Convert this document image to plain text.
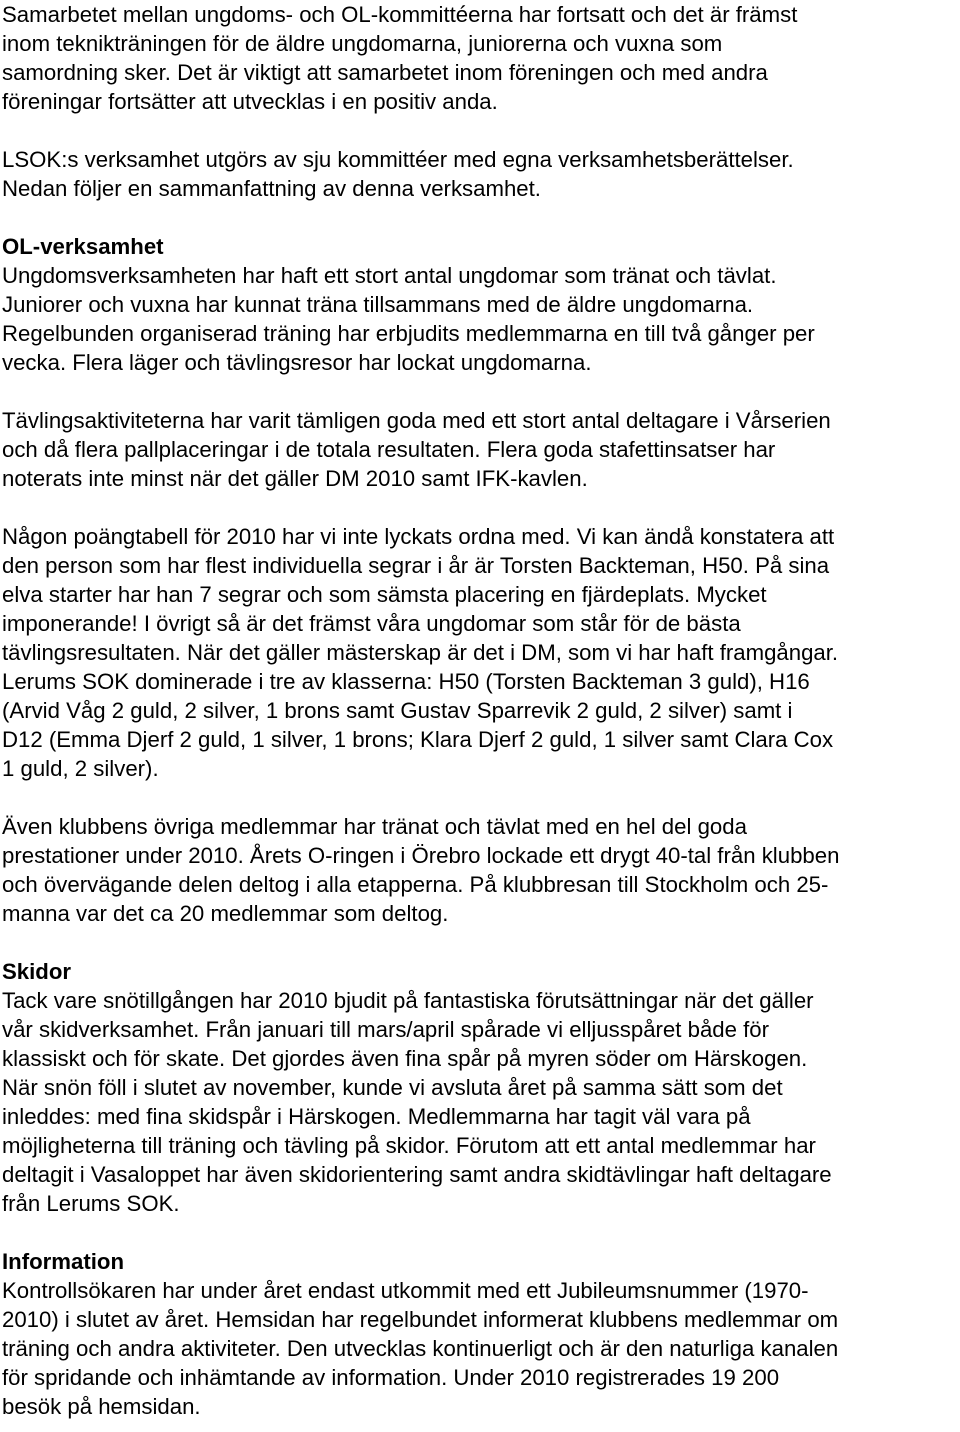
Samarbetet mellan ungdoms- och OL-kommittéerna har fortsatt och det är främst
inom teknikträningen för de äldre ungdomarna, juniorerna och vuxna som
samordning sker. Det är viktigt att samarbetet inom föreningen och med andra
föreningar fortsätter att utvecklas i en positiv anda.
LSOK:s verksamhet utgörs av sju kommittéer med egna verksamhetsberättelser.
Nedan följer en sammanfattning av denna verksamhet.
OL-verksamhet
Ungdomsverksamheten har haft ett stort antal ungdomar som tränat och tävlat.
Juniorer och vuxna har kunnat träna tillsammans med de äldre ungdomarna.
Regelbunden organiserad träning har erbjudits medlemmarna en till två gånger per
vecka. Flera läger och tävlingsresor har lockat ungdomarna.
Tävlingsaktiviteterna har varit tämligen goda med ett stort antal deltagare i Vårserien
och då flera pallplaceringar i de totala resultaten. Flera goda stafettinsatser har
noterats inte minst när det gäller DM 2010 samt IFK-kavlen.
Någon poängtabell för 2010 har vi inte lyckats ordna med. Vi kan ändå konstatera att
den person som har flest individuella segrar i år är Torsten Backteman, H50. På sina
elva starter har han 7 segrar och som sämsta placering en fjärdeplats. Mycket
imponerande! I övrigt så är det främst våra ungdomar som står för de bästa
tävlingsresultaten. När det gäller mästerskap är det i DM, som vi har haft framgångar.
Lerums SOK dominerade i tre av klasserna: H50 (Torsten Backteman 3 guld), H16
(Arvid Våg 2 guld, 2 silver, 1 brons samt Gustav Sparrevik 2 guld, 2 silver) samt i
D12 (Emma Djerf 2 guld, 1 silver, 1 brons; Klara Djerf 2 guld, 1 silver samt Clara Cox
1 guld, 2 silver).
Även klubbens övriga medlemmar har tränat och tävlat med en hel del goda
prestationer under 2010. Årets O-ringen i Örebro lockade ett drygt 40-tal från klubben
och övervägande delen deltog i alla etapperna. På klubbresan till Stockholm och 25-
manna var det ca 20 medlemmar som deltog.
Skidor
Tack vare snötillgången har 2010 bjudit på fantastiska förutsättningar när det gäller
vår skidverksamhet. Från januari till mars/april spårade vi elljusspåret både för
klassiskt och för skate. Det gjordes även fina spår på myren söder om Härskogen.
När snön föll i slutet av november, kunde vi avsluta året på samma sätt som det
inleddes: med fina skidspår i Härskogen. Medlemmarna har tagit väl vara på
möjligheterna till träning och tävling på skidor. Förutom att ett antal medlemmar har
deltagit i Vasaloppet har även skidorientering samt andra skidtävlingar haft deltagare
från Lerums SOK.
Information
Kontrollsökaren har under året endast utkommit med ett Jubileumsnummer (1970-
2010) i slutet av året. Hemsidan har regelbundet informerat klubbens medlemmar om
träning och andra aktiviteter. Den utvecklas kontinuerligt och är den naturliga kanalen
för spridande och inhämtande av information. Under 2010 registrerades 19 200
besök på hemsidan.
